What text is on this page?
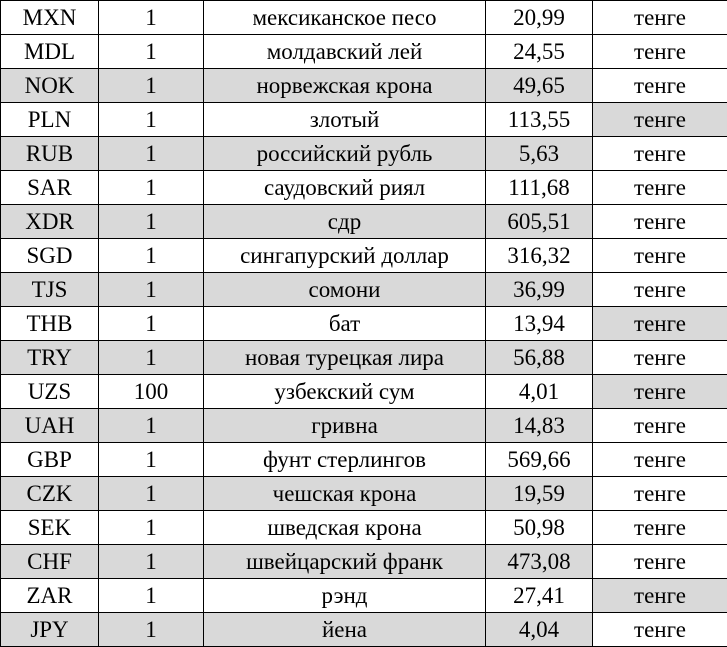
MXN	1	мексиканское песо	20,99	тенге
MDL	1	молдавский лей	24,55	тенге
NOK	1	норвежская крона	49,65	тенге
PLN	1	злотый	113,55	тенге
RUB	1	российский рубль	5,63	тенге
SAR	1	саудовский риял	111,68	тенге
XDR	1	сдр	605,51	тенге
SGD	1	сингапурский доллар	316,32	тенге
TJS	1	сомони	36,99	тенге
THB	1	бат	13,94	тенге
TRY	1	новая турецкая лира	56,88	тенге
UZS	100	узбекский сум	4,01	тенге
UAH	1	гривна	14,83	тенге
GBP	1	фунт стерлингов	569,66	тенге
CZK	1	чешская крона	19,59	тенге
SEK	1	шведская крона	50,98	тенге
CHF	1	швейцарский франк	473,08	тенге
ZAR	1	рэнд	27,41	тенге
JPY	1	йена	4,04	тенге
